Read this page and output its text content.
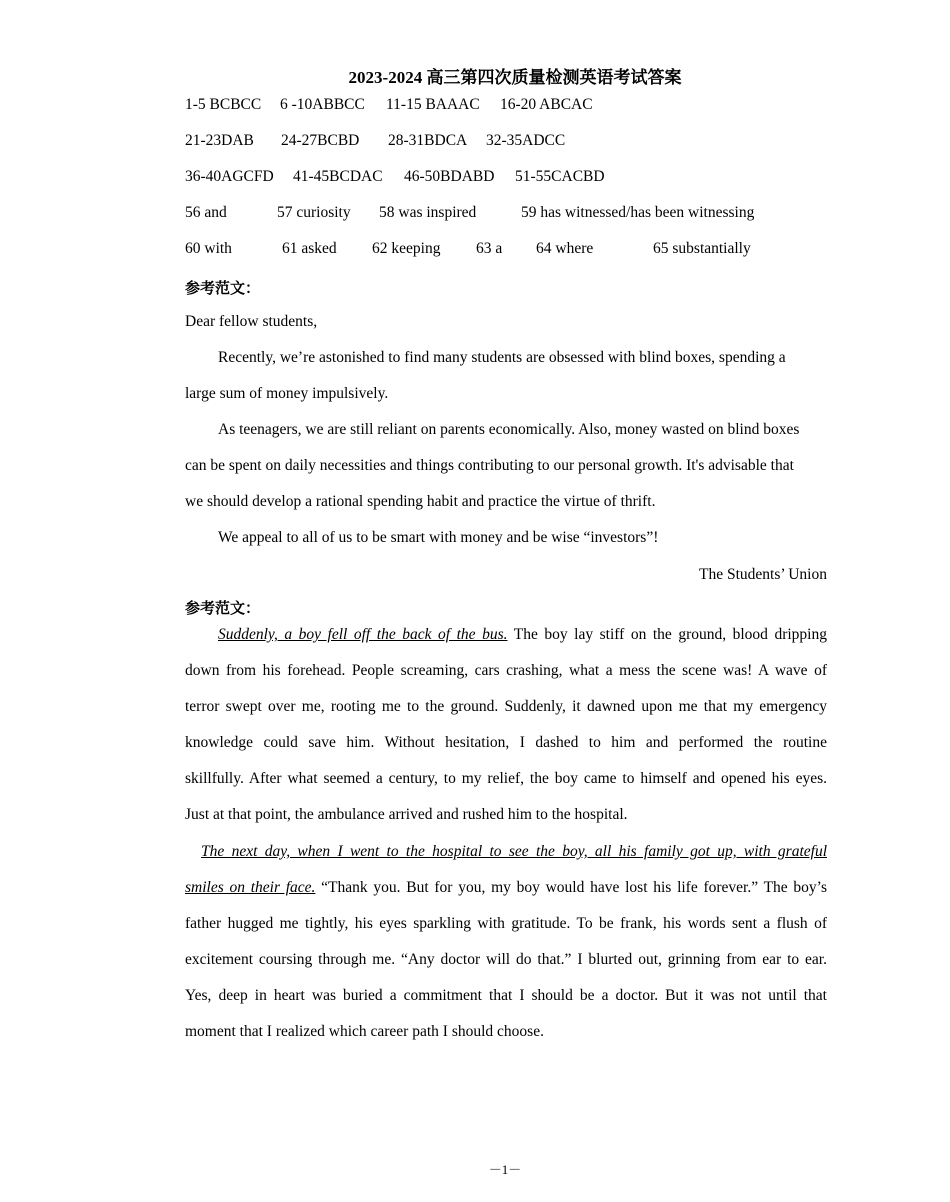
2023-2024 高三第四次质量检测英语考试答案
1-5 BCBCC 6 -10ABBCC 11-15 BAAAC 16-20 ABCAC
21-23DAB 24-27BCBD 28-31BDCA 32-35ADCC
36-40AGCFD 41-45BCDAC 46-50BDABD 51-55CACBD
56 and	57 curiosity 58 was inspired	59 has witnessed/has been witnessing
60 with	61 asked 62 keeping 63 a 64 where	65 substantially
参考范文：
Dear fellow students,
Recently, we’re astonished to find many students are obsessed with blind boxes, spending a
large sum of money impulsively.
As teenagers, we are still reliant on parents economically. Also, money wasted on blind boxes
can be spent on daily necessities and things contributing to our personal growth. It's advisable that
we should develop a rational spending habit and practice the virtue of thrift.
We appeal to all of us to be smart with money and be wise “investors”!
The Students’ Union
参考范文：
Suddenly, a boy fell off the back of the bus. The boy lay stiff on the ground, blood dripping
down from his forehead. People screaming, cars crashing, what a mess the scene was! A wave of
terror swept over me, rooting me to the ground. Suddenly, it dawned upon me that my emergency
knowledge could save him. Without hesitation, I dashed to him and performed the routine
skillfully. After what seemed a century, to my relief, the boy came to himself and opened his eyes.
Just at that point, the ambulance arrived and rushed him to the hospital.
The next day, when I went to the hospital to see the boy, all his family got up, with grateful
smiles on their face. “Thank you. But for you, my boy would have lost his life forever.” The boy’s
father hugged me tightly, his eyes sparkling with gratitude. To be frank, his words sent a flush of
excitement coursing through me. “Any doctor will do that.” I blurted out, grinning from ear to ear.
Yes, deep in heart was buried a commitment that I should be a doctor. But it was not until that
moment that I realized which career path I should choose.
－1－
